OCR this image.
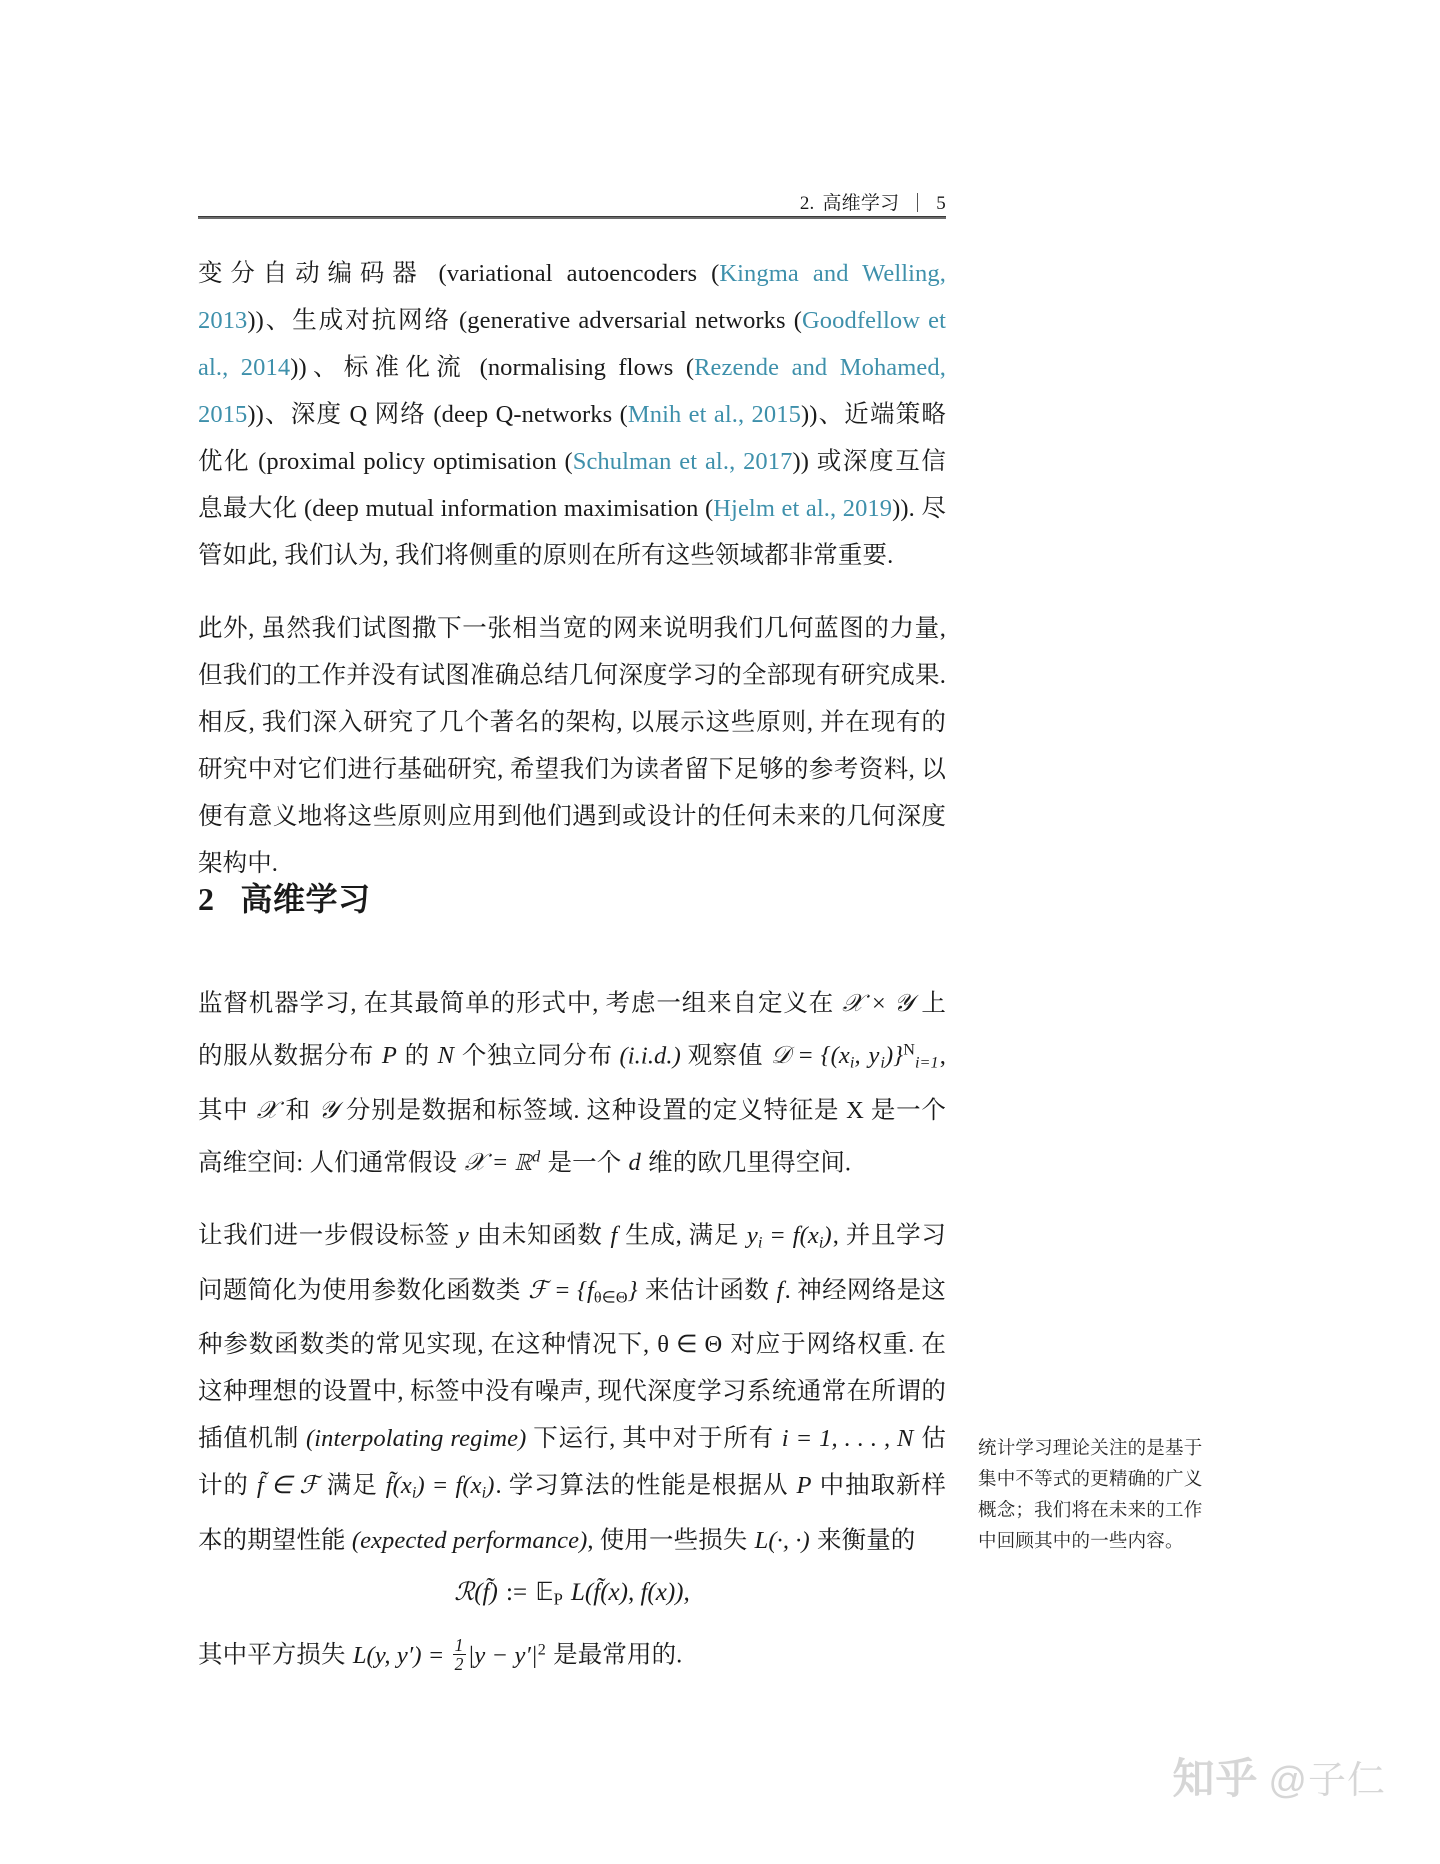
2. 高维学习 5

变分自动编码器 (variational autoencoders (Kingma and Welling, 2013))、生成对抗网络 (generative adversarial networks (Goodfellow et al., 2014))、标准化流 (normalising flows (Rezende and Mohamed, 2015))、深度 Q 网络 (deep Q-networks (Mnih et al., 2015))、近端策略优化 (proximal policy optimisation (Schulman et al., 2017)) 或深度互信息最大化 (deep mutual information maximisation (Hjelm et al., 2019)). 尽管如此, 我们认为, 我们将侧重的原则在所有这些领域都非常重要.

此外, 虽然我们试图撒下一张相当宽的网来说明我们几何蓝图的力量, 但我们的工作并没有试图准确总结几何深度学习的全部现有研究成果. 相反, 我们深入研究了几个著名的架构, 以展示这些原则, 并在现有的研究中对它们进行基础研究, 希望我们为读者留下足够的参考资料, 以便有意义地将这些原则应用到他们遇到或设计的任何未来的几何深度架构中.

2 高维学习

监督机器学习, 在其最简单的形式中, 考虑一组来自定义在 𝒳 × 𝒴 上的服从数据分布 P 的 N 个独立同分布 (i.i.d.) 观察值 𝒟 = {($x_i$, $y_i)\}^N_{i=1}$, 其中 𝒳 和 𝒴 分别是数据和标签域. 这种设置的定义特征是 X 是一个高维空间: 人们通常假设 𝒳 = ℝ$^d$ 是一个 d 维的欧几里得空间.

让我们进一步假设标签 y 由未知函数 f 生成, 满足 $y_i = f(x_i)$, 并且学习问题简化为使用参数化函数类 ℱ = $\{f_{\theta\in\Theta}\}$ 来估计函数 f. 神经网络是这种参数函数类的常见实现, 在这种情况下, θ ∈ Θ 对应于网络权重. 在这种理想的设置中, 标签中没有噪声, 现代深度学习系统通常在所谓的插值机制 (interpolating regime) 下运行, 其中对于所有 i = 1, . . . , N 估计的 f̃ ∈ ℱ 满足 $f̃(x_i) = f(x_i)$. 学习算法的性能是根据从 P 中抽取新样本的期望性能 (expected performance), 使用一些损失 L(·, ·) 来衡量的

ℛ(f̃) := 𝔼$_P$ L(f̃(x), f(x)),

其中平方损失 L(y, $y') = \frac{1}{2} |y - y'|^2$ 是最常用的.

统计学习理论关注的是基于集中不等式的更精确的广义概念；我们将在未来的工作中回顾其中的一些内容。
知乎 @子仁
